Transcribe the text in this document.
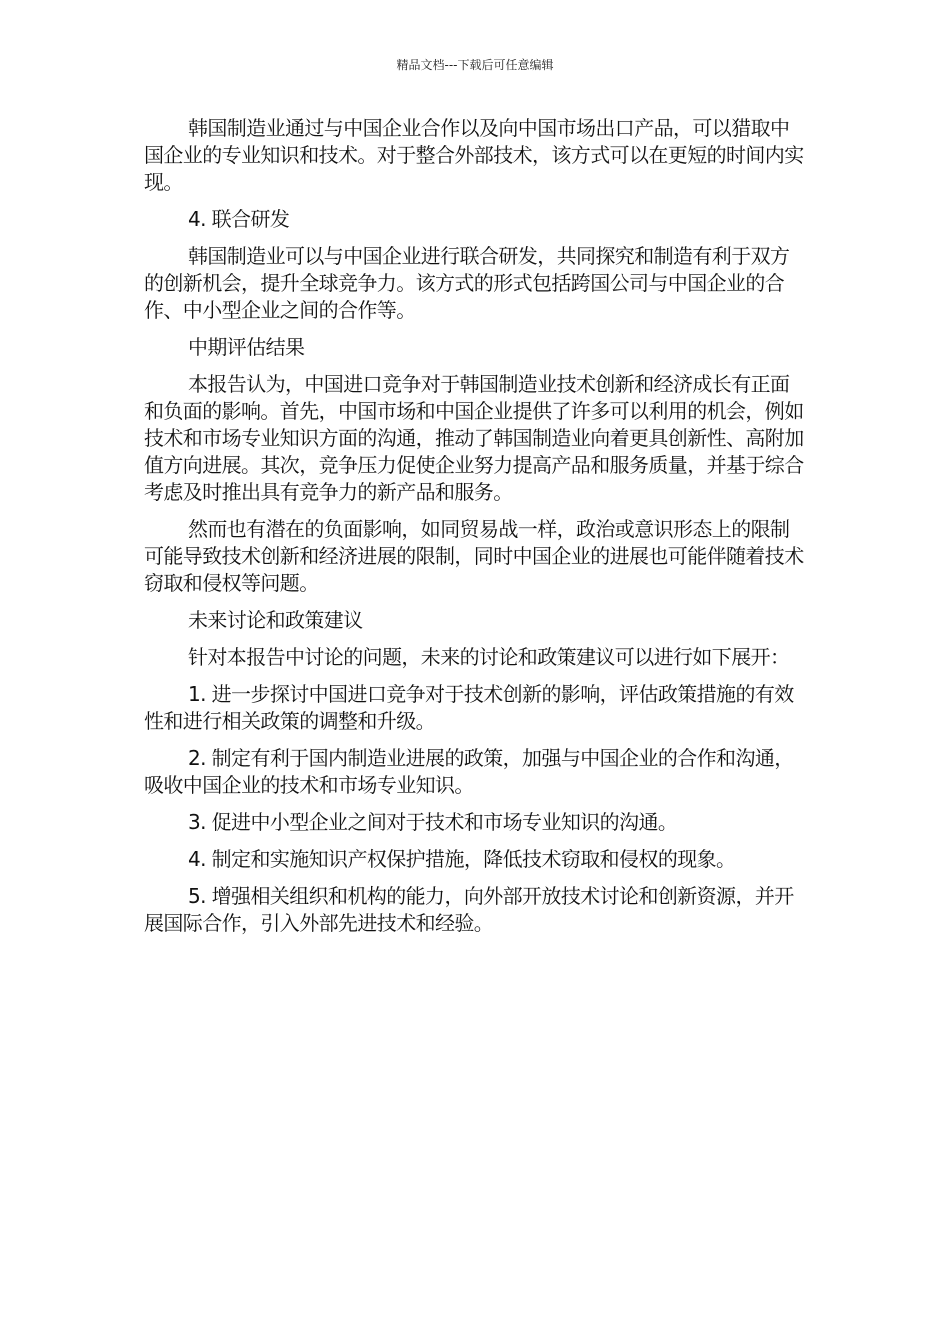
精品文档---下载后可任意编辑

韩国制造业通过与中国企业合作以及向中国市场出口产品，可以猎取中国企业的专业知识和技术。对于整合外部技术，该方式可以在更短的时间内实现。

4. 联合研发

韩国制造业可以与中国企业进行联合研发，共同探究和制造有利于双方的创新机会，提升全球竞争力。该方式的形式包括跨国公司与中国企业的合作、中小型企业之间的合作等。

中期评估结果

本报告认为，中国进口竞争对于韩国制造业技术创新和经济成长有正面和负面的影响。首先，中国市场和中国企业提供了许多可以利用的机会，例如技术和市场专业知识方面的沟通，推动了韩国制造业向着更具创新性、高附加值方向进展。其次，竞争压力促使企业努力提高产品和服务质量，并基于综合考虑及时推出具有竞争力的新产品和服务。

然而也有潜在的负面影响，如同贸易战一样，政治或意识形态上的限制可能导致技术创新和经济进展的限制，同时中国企业的进展也可能伴随着技术窃取和侵权等问题。

未来讨论和政策建议

针对本报告中讨论的问题，未来的讨论和政策建议可以进行如下展开：

1. 进一步探讨中国进口竞争对于技术创新的影响，评估政策措施的有效性和进行相关政策的调整和升级。

2. 制定有利于国内制造业进展的政策，加强与中国企业的合作和沟通，吸收中国企业的技术和市场专业知识。

3. 促进中小型企业之间对于技术和市场专业知识的沟通。

4. 制定和实施知识产权保护措施，降低技术窃取和侵权的现象。

5. 增强相关组织和机构的能力，向外部开放技术讨论和创新资源，并开展国际合作，引入外部先进技术和经验。
